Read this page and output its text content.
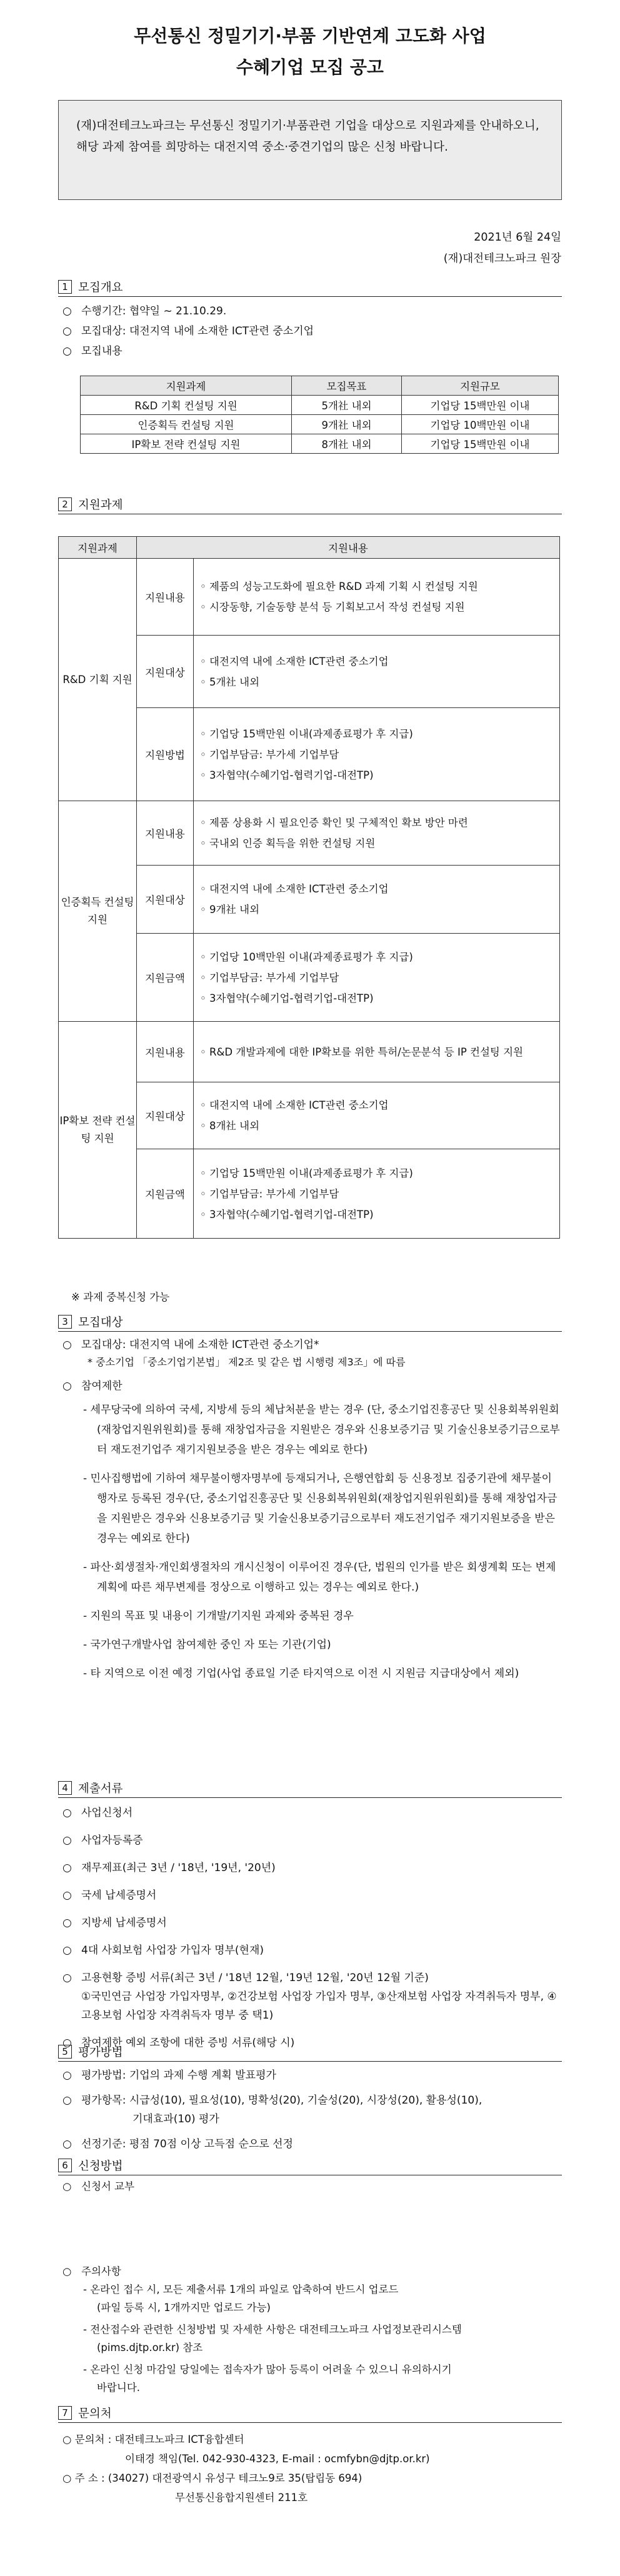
무선통신 정밀기기·부품 기반연계 고도화 사업
수혜기업 모집 공고
(재)대전테크노파크는 무선통신 정밀기기·부품관련 기업을 대상으로 지원과제를 안내하오니, 해당 과제 참여를 희망하는 대전지역 중소·중견기업의 많은 신청 바랍니다.
2021년 6월 24일
(재)대전테크노파크 원장
1 모집개요

○ 수행기간: 협약일 ~ 21.10.29.

○ 모집대상: 대전지역 내에 소재한 ICT관련 중소기업

○ 모집내용

지원과제	모집목표	지원규모
R&D 기획 컨설팅 지원	5개社 내외	기업당 15백만원 이내
인증획득 컨설팅 지원	9개社 내외	기업당 10백만원 이내
IP확보 전략 컨설팅 지원	8개社 내외	기업당 15백만원 이내
2 지원과제
지원과제	지원내용	
R&D 기획 지원	지원내용	◦ 제품의 성능고도화에 필요한 R&D 과제 기획 시 컨설팅 지원
◦ 시장동향, 기술동향 분석 등 기획보고서 작성 컨설팅 지원

	지원대상	◦ 대전지역 내에 소재한 ICT관련 중소기업
◦ 5개社 내외

	지원방법	◦ 기업당 15백만원 이내(과제종료평가 후 지급)
◦ 기업부담금: 부가세 기업부담
◦ 3자협약(수혜기업-협력기업-대전TP)

인증획득 컨설팅 지원	지원내용	◦ 제품 상용화 시 필요인증 확인 및 구체적인 확보 방안 마련
◦ 국내외 인증 획득을 위한 컨설팅 지원

	지원대상	◦ 대전지역 내에 소재한 ICT관련 중소기업
◦ 9개社 내외

	지원금액	◦ 기업당 10백만원 이내(과제종료평가 후 지급)
◦ 기업부담금: 부가세 기업부담
◦ 3자협약(수혜기업-협력기업-대전TP)

IP확보 전략 컨설팅 지원	지원내용	◦ R&D 개발과제에 대한 IP확보를 위한 특허/논문분석 등 IP 컨설팅 지원

	지원대상	◦ 대전지역 내에 소재한 ICT관련 중소기업
◦ 8개社 내외

	지원금액	◦ 기업당 15백만원 이내(과제종료평가 후 지급)
◦ 기업부담금: 부가세 기업부담
◦ 3자협약(수혜기업-협력기업-대전TP)
※ 과제 중복신청 가능
3 모집대상

○ 모집대상: 대전지역 내에 소재한 ICT관련 중소기업*

* 중소기업 「중소기업기본법」 제2조 및 같은 법 시행령 제3조」에 따름

○ 참여제한

- 세무당국에 의하여 국세, 지방세 등의 체납처분을 받는 경우 (단, 중소기업진흥공단 및 신용회복위원회(재창업지원위원회)를 통해 재창업자금을 지원받은 경우와 신용보증기금 및 기술신용보증기금으로부터 재도전기업주 재기지원보증을 받은 경우는 예외로 한다)

- 민사집행법에 기하여 채무불이행자명부에 등재되거나, 은행연합회 등 신용정보 집중기관에 채무불이행자로 등록된 경우(단, 중소기업진흥공단 및 신용회복위원회(재창업지원위원회)를 통해 재창업자금을 지원받은 경우와 신용보증기금 및 기술신용보증기금으로부터 재도전기업주 재기지원보증을 받은 경우는 예외로 한다)

- 파산·회생절차·개인회생절차의 개시신청이 이루어진 경우(단, 법원의 인가를 받은 회생계획 또는 변제 계획에 따른 채무변제를 정상으로 이행하고 있는 경우는 예외로 한다.)

- 지원의 목표 및 내용이 기개발/기지원 과제와 중복된 경우

- 국가연구개발사업 참여제한 중인 자 또는 기관(기업)

- 타 지역으로 이전 예정 기업(사업 종료일 기준 타지역으로 이전 시 지원금 지급대상에서 제외)

4 제출서류

○ 사업신청서

○ 사업자등록증

○ 재무제표(최근 3년 / '18년, '19년, '20년)

○ 국세 납세증명서

○ 지방세 납세증명서

○ 4대 사회보험 사업장 가입자 명부(현재)

○ 고용현황 증빙 서류(최근 3년 / '18년 12월, '19년 12월, '20년 12월 기준)

①국민연금 사업장 가입자명부, ②건강보험 사업장 가입자 명부, ③산재보험 사업장 자격취득자 명부, ④고용보험 사업장 자격취득자 명부 중 택1)

○ 참여제한 예외 조항에 대한 증빙 서류(해당 시)

5 평가방법

○ 평가방법: 기업의 과제 수행 계획 발표평가

○ 평가항목: 시급성(10), 필요성(10), 명확성(20), 기술성(20), 시장성(20), 활용성(10),

기대효과(10) 평가

○ 선정기준: 평점 70점 이상 고득점 순으로 선정

6 신청방법

○ 신청서 교부

○ 주의사항

- 온라인 접수 시, 모든 제출서류 1개의 파일로 압축하여 반드시 업로드

(파일 등록 시, 1개까지만 업로드 가능)

- 전산접수와 관련한 신청방법 및 자세한 사항은 대전테크노파크 사업정보관리시스템

(pims.djtp.or.kr) 참조

- 온라인 신청 마감일 당일에는 접속자가 많아 등록이 어려울 수 있으니 유의하시기

바랍니다.

7 문의처

○ 문의처 : 대전테크노파크 ICT융합센터

이태경 책임(Tel. 042-930-4323, E-mail : ocmfybn@djtp.or.kr)

○ 주 소 : (34027) 대전광역시 유성구 테크노9로 35(탑립동 694)

무선통신융합지원센터 211호
